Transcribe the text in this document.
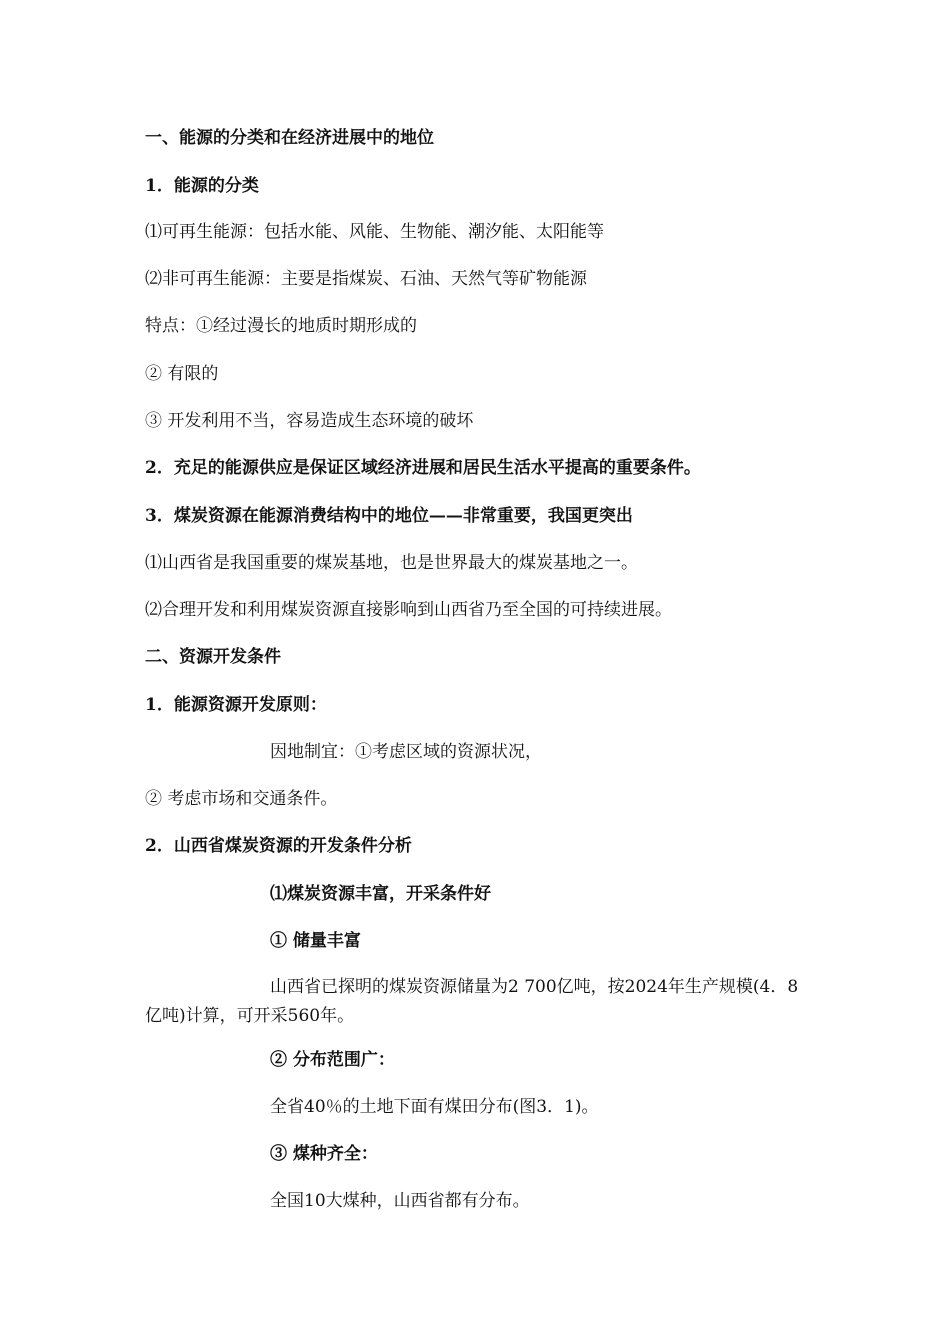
一、能源的分类和在经济进展中的地位
1．能源的分类
⑴可再生能源：包括水能、风能、生物能、潮汐能、太阳能等
⑵非可再生能源：主要是指煤炭、石油、天然气等矿物能源
特点：①经过漫长的地质时期形成的
② 有限的
③ 开发利用不当，容易造成生态环境的破坏
2．充足的能源供应是保证区域经济进展和居民生活水平提高的重要条件。
3．煤炭资源在能源消费结构中的地位——非常重要，我国更突出
⑴山西省是我国重要的煤炭基地，也是世界最大的煤炭基地之一。
⑵合理开发和利用煤炭资源直接影响到山西省乃至全国的可持续进展。
二、资源开发条件
1．能源资源开发原则：
因地制宜：①考虑区域的资源状况，
② 考虑市场和交通条件。
2．山西省煤炭资源的开发条件分析
⑴煤炭资源丰富，开采条件好
① 储量丰富
山西省已探明的煤炭资源储量为2 700亿吨，按2024年生产规模(4．8亿吨)计算，可开采560年。
② 分布范围广：
全省40％的土地下面有煤田分布(图3．1)。
③ 煤种齐全：
全国10大煤种，山西省都有分布。
